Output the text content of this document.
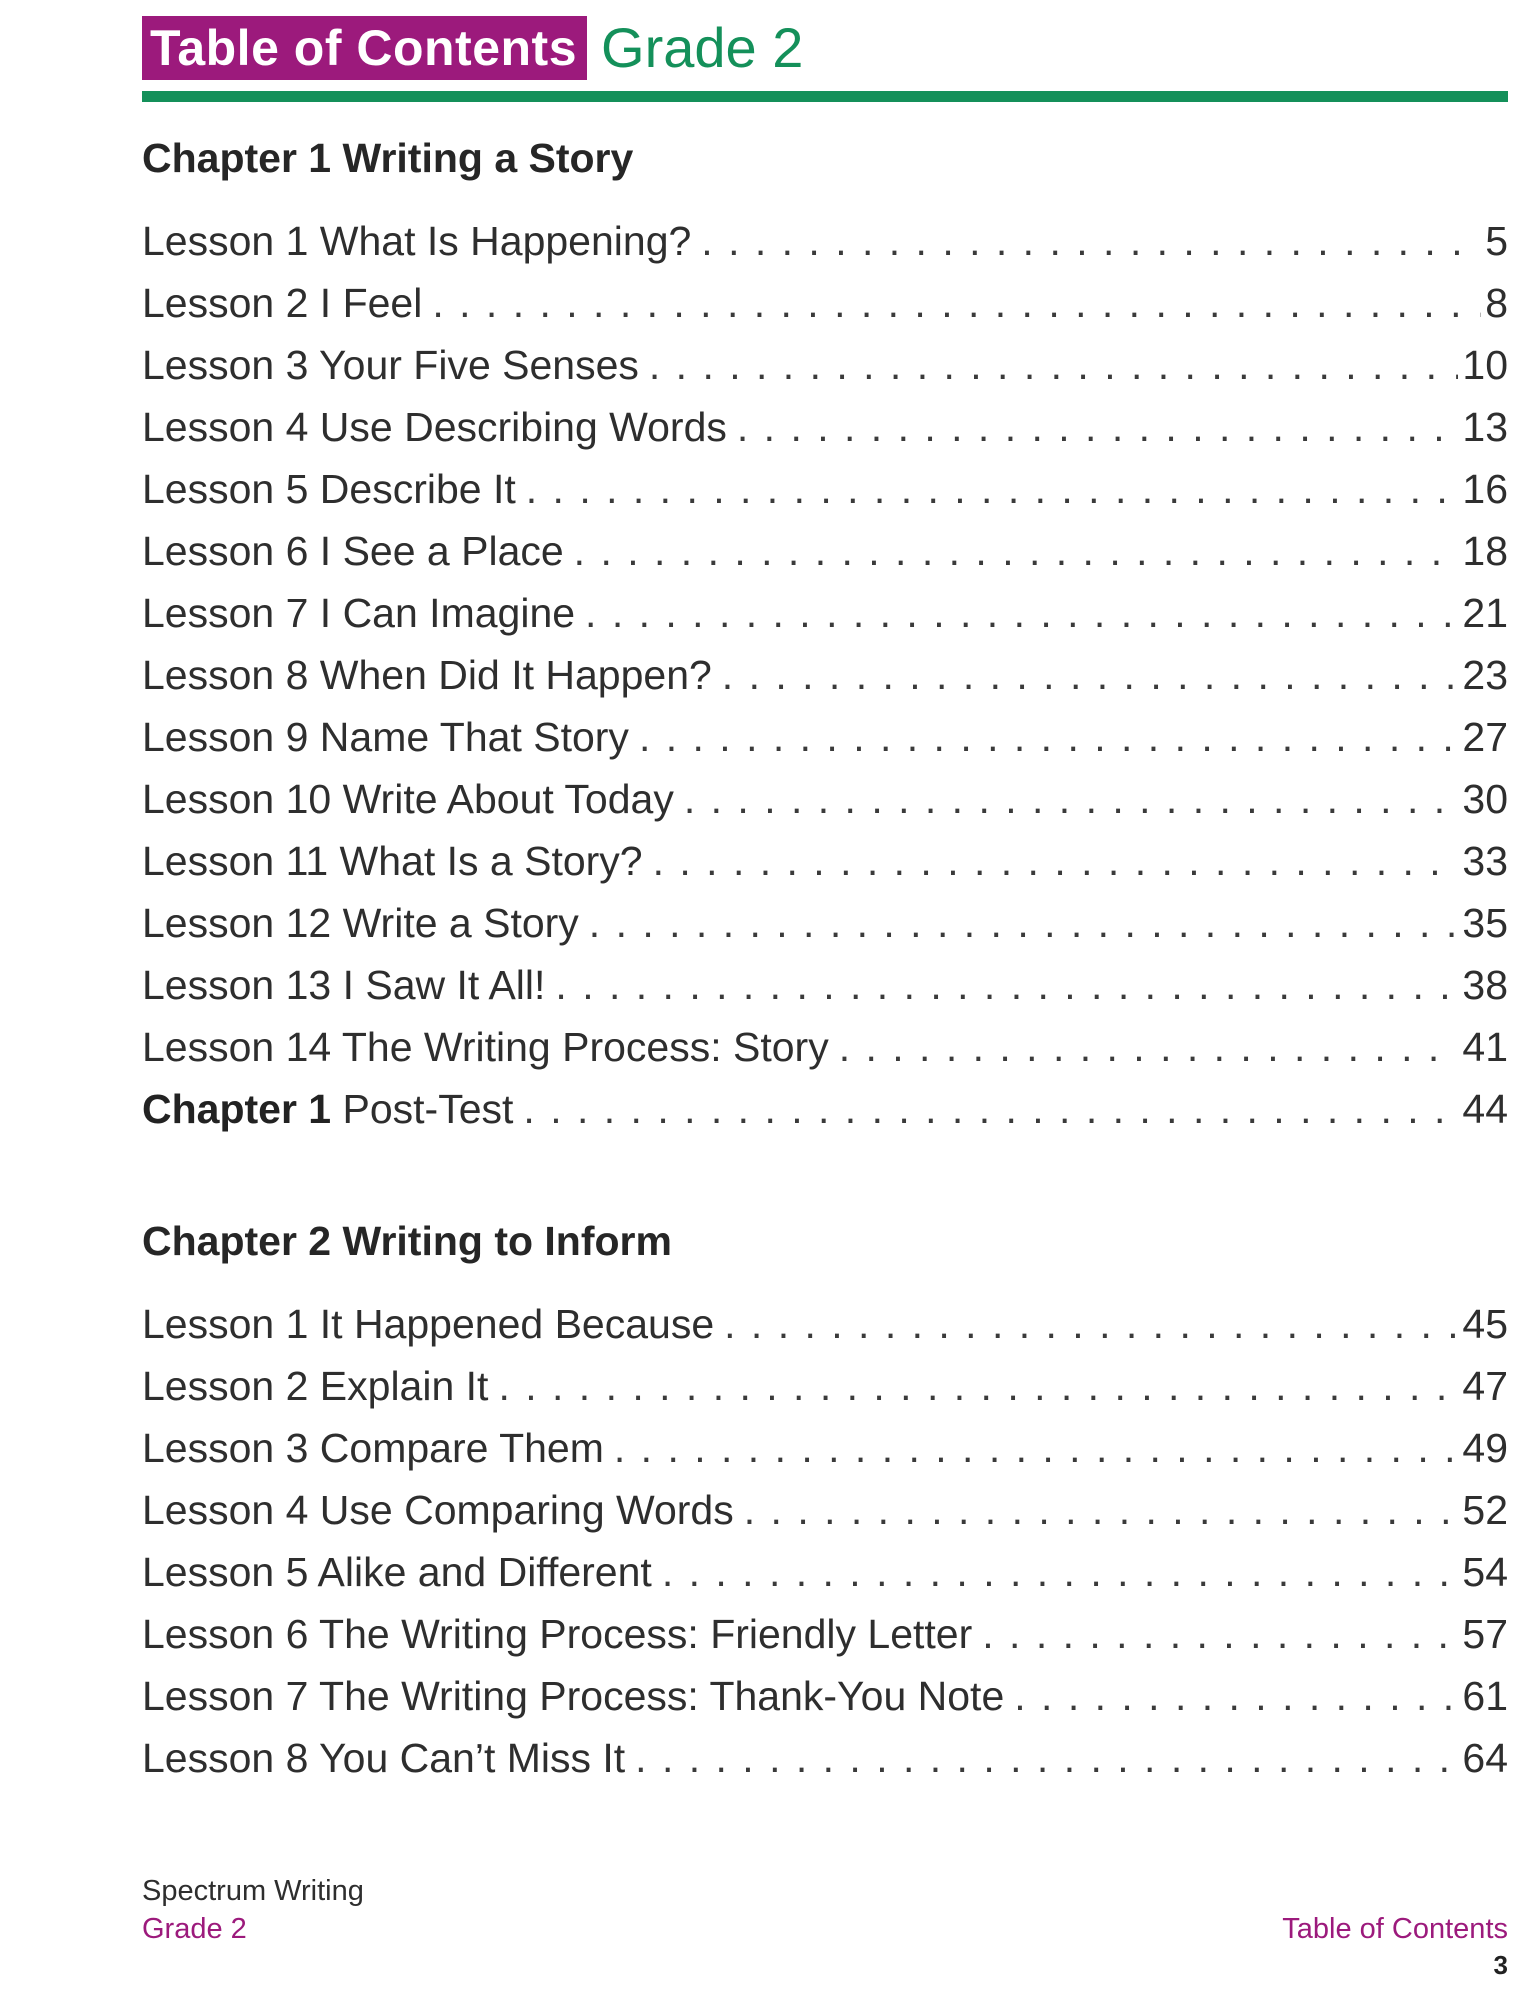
Table of Contents Grade 2
Chapter 1 Writing a Story
Lesson 1 What Is Happening? . . .	5
Lesson 2 I Feel . . .	8
Lesson 3 Your Five Senses . . .	10
Lesson 4 Use Describing Words . . .	13
Lesson 5 Describe It . . .	16
Lesson 6 I See a Place . . .	18
Lesson 7 I Can Imagine . . .	21
Lesson 8 When Did It Happen? . . .	23
Lesson 9 Name That Story . . .	27
Lesson 10 Write About Today . . .	30
Lesson 11 What Is a Story? . . .	33
Lesson 12 Write a Story . . .	35
Lesson 13 I Saw It All! . . .	38
Lesson 14 The Writing Process: Story . . .	41
Chapter 1 Post-Test . . .	44
Chapter 2 Writing to Inform
Lesson 1 It Happened Because . . .	45
Lesson 2 Explain It . . .	47
Lesson 3 Compare Them . . .	49
Lesson 4 Use Comparing Words . . .	52
Lesson 5 Alike and Different . . .	54
Lesson 6 The Writing Process: Friendly Letter . . .	57
Lesson 7 The Writing Process: Thank-You Note . . .	61
Lesson 8 You Can’t Miss It . . .	64
Spectrum Writing
Grade 2	Table of Contents
3
